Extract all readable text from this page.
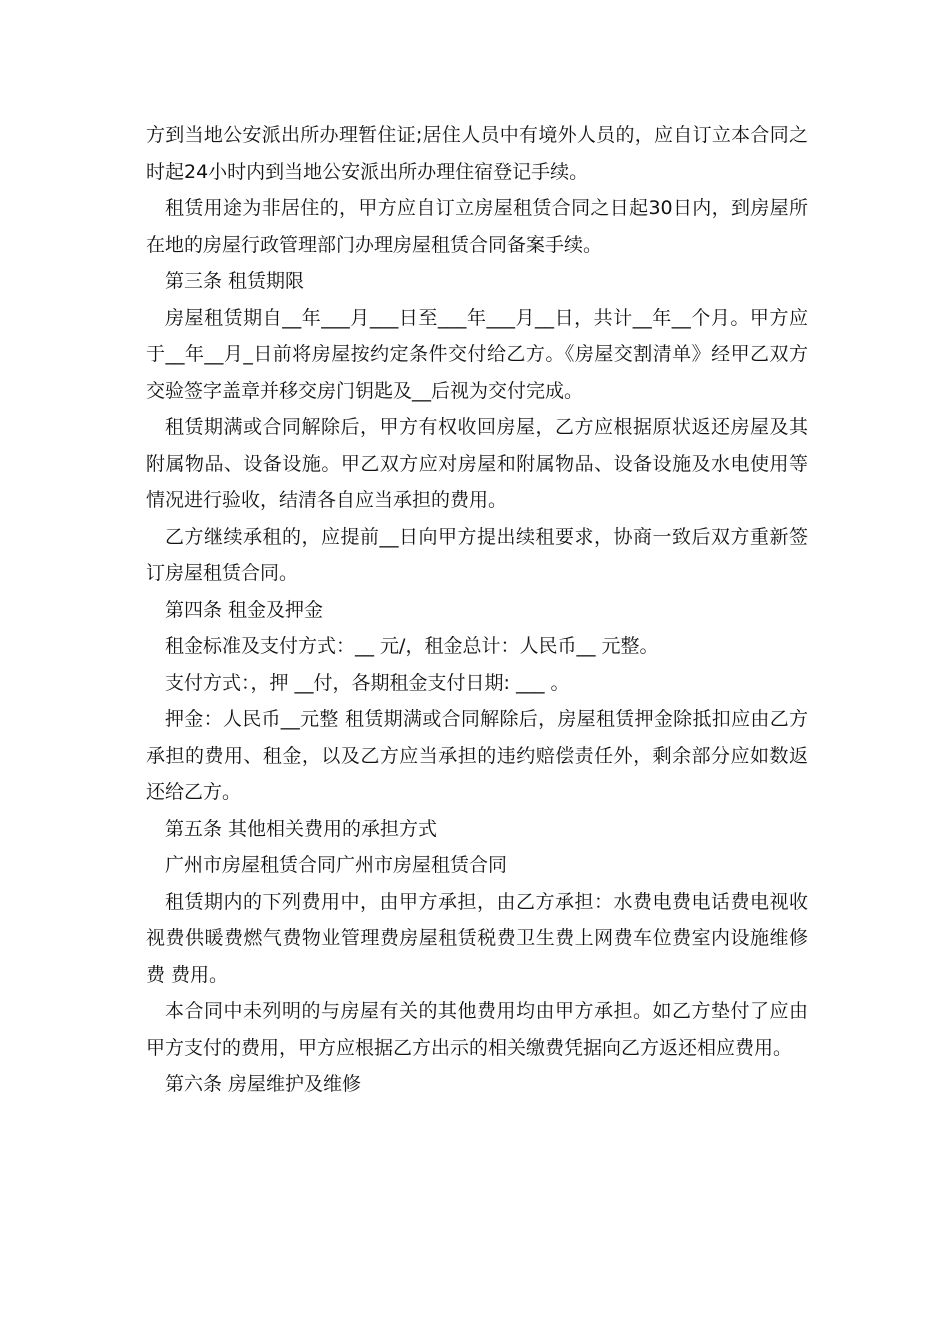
方到当地公安派出所办理暂住证;居住人员中有境外人员的，应自订立本合同之时起24小时内到当地公安派出所办理住宿登记手续。

租赁用途为非居住的，甲方应自订立房屋租赁合同之日起30日内，到房屋所在地的房屋行政管理部门办理房屋租赁合同备案手续。

第三条 租赁期限

房屋租赁期自__年___月___日至___年___月__日，共计__年__个月。甲方应于__年__月_日前将房屋按约定条件交付给乙方。《房屋交割清单》经甲乙双方交验签字盖章并移交房门钥匙及__后视为交付完成。

租赁期满或合同解除后，甲方有权收回房屋，乙方应根据原状返还房屋及其附属物品、设备设施。甲乙双方应对房屋和附属物品、设备设施及水电使用等情况进行验收，结清各自应当承担的费用。

乙方继续承租的，应提前__日向甲方提出续租要求，协商一致后双方重新签订房屋租赁合同。

第四条 租金及押金

租金标准及支付方式：__ 元/，租金总计：人民币__ 元整。

支付方式：，押 __付，各期租金支付日期: ___ 。

押金：人民币__元整 租赁期满或合同解除后，房屋租赁押金除抵扣应由乙方承担的费用、租金，以及乙方应当承担的违约赔偿责任外，剩余部分应如数返还给乙方。

第五条 其他相关费用的承担方式

广州市房屋租赁合同广州市房屋租赁合同

租赁期内的下列费用中，由甲方承担，由乙方承担：水费电费电话费电视收视费供暖费燃气费物业管理费房屋租赁税费卫生费上网费车位费室内设施维修费 费用。

本合同中未列明的与房屋有关的其他费用均由甲方承担。如乙方垫付了应由甲方支付的费用，甲方应根据乙方出示的相关缴费凭据向乙方返还相应费用。

第六条 房屋维护及维修
